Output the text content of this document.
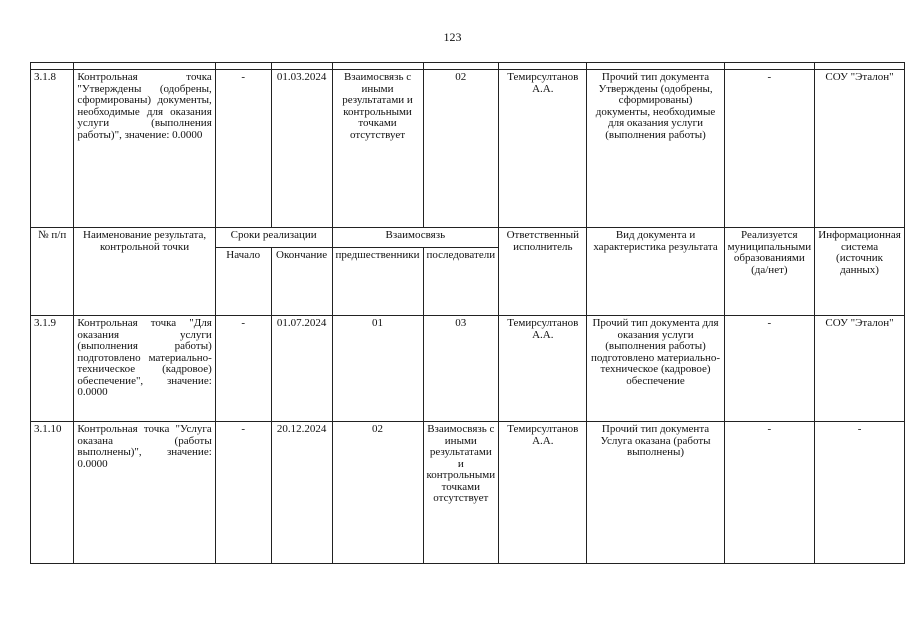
123

3.1.8	Контрольная точка "Утверждены (одобрены, сформированы) документы, необходимые для оказания услуги (выполнения работы)", значение: 0.0000	-	01.03.2024	Взаимосвязь с иными результатами и контрольными точками отсутствует	02	Темирсултанов А.А.	Прочий тип документа Утверждены (одобрены, сформированы) документы, необходимые для оказания услуги (выполнения работы)	-	СОУ "Эталон"
№ п/п	Наименование результата, контрольной точки	Сроки реализации		Взаимосвязь		Ответственный исполнитель	Вид документа и характеристика результата	Реализуется муниципальными образованиями (да/нет)	Информационная система (источник данных)
		Начало	Окончание	предшественники	последователи				
3.1.9	Контрольная точка "Для оказания услуги (выполнения работы) подготовлено материально-техническое (кадровое) обеспечение", значение: 0.0000	-	01.07.2024	01	03	Темирсултанов А.А.	Прочий тип документа для оказания услуги (выполнения работы) подготовлено материально-техническое (кадровое) обеспечение	-	СОУ "Эталон"
3.1.10	Контрольная точка "Услуга оказана (работы выполнены)", значение: 0.0000	-	20.12.2024	02	Взаимосвязь с иными результатами и контрольными точками отсутствует	Темирсултанов А.А.	Прочий тип документа Услуга оказана (работы выполнены)	-	-
